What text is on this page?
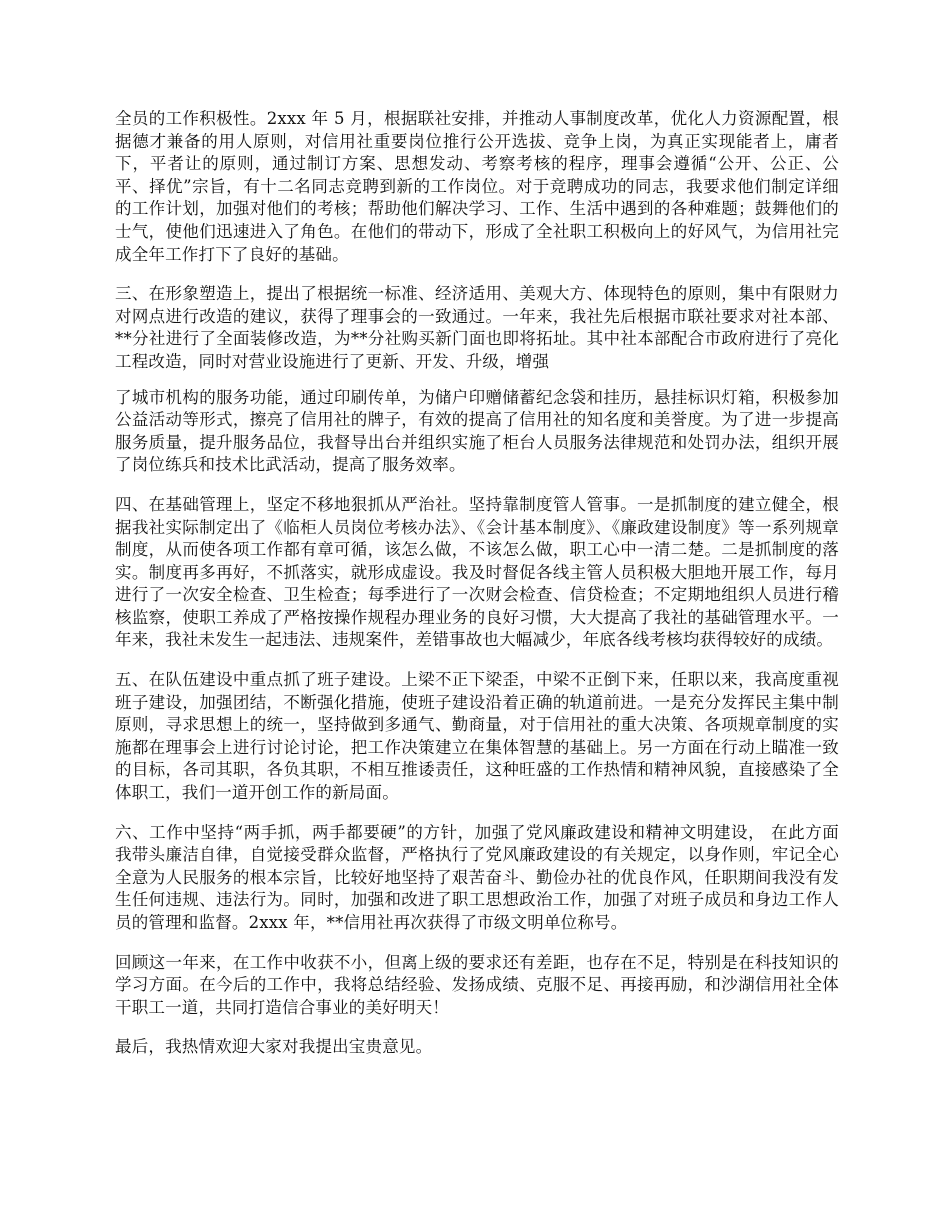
全员的工作积极性。2xxx 年 5 月，根据联社安排，并推动人事制度改革，优化人力资源配置，根据德才兼备的用人原则，对信用社重要岗位推行公开选拔、竞争上岗，为真正实现能者上，庸者下，平者让的原则，通过制订方案、思想发动、考察考核的程序，理事会遵循“公开、公正、公平、择优”宗旨，有十二名同志竞聘到新的工作岗位。对于竞聘成功的同志，我要求他们制定详细的工作计划，加强对他们的考核；帮助他们解决学习、工作、生活中遇到的各种难题；鼓舞他们的士气，使他们迅速进入了角色。在他们的带动下，形成了全社职工积极向上的好风气，为信用社完成全年工作打下了良好的基础。

三、在形象塑造上，提出了根据统一标准、经济适用、美观大方、体现特色的原则，集中有限财力对网点进行改造的建议，获得了理事会的一致通过。一年来，我社先后根据市联社要求对社本部、**分社进行了全面装修改造，为**分社购买新门面也即将拓址。其中社本部配合市政府进行了亮化工程改造，同时对营业设施进行了更新、开发、升级，增强

了城市机构的服务功能，通过印刷传单，为储户印赠储蓄纪念袋和挂历，悬挂标识灯箱，积极参加公益活动等形式，擦亮了信用社的牌子，有效的提高了信用社的知名度和美誉度。为了进一步提高服务质量，提升服务品位，我督导出台并组织实施了柜台人员服务法律规范和处罚办法，组织开展了岗位练兵和技术比武活动，提高了服务效率。

四、在基础管理上，坚定不移地狠抓从严治社。坚持靠制度管人管事。一是抓制度的建立健全，根据我社实际制定出了《临柜人员岗位考核办法》、《会计基本制度》、《廉政建设制度》等一系列规章制度，从而使各项工作都有章可循，该怎么做，不该怎么做，职工心中一清二楚。二是抓制度的落实。制度再多再好，不抓落实，就形成虚设。我及时督促各线主管人员积极大胆地开展工作，每月进行了一次安全检查、卫生检查；每季进行了一次财会检查、信贷检查；不定期地组织人员进行稽核监察，使职工养成了严格按操作规程办理业务的良好习惯，大大提高了我社的基础管理水平。一年来，我社未发生一起违法、违规案件，差错事故也大幅减少，年底各线考核均获得较好的成绩。

五、在队伍建设中重点抓了班子建设。上梁不正下梁歪，中梁不正倒下来，任职以来，我高度重视班子建设，加强团结，不断强化措施，使班子建设沿着正确的轨道前进。一是充分发挥民主集中制原则，寻求思想上的统一，坚持做到多通气、勤商量，对于信用社的重大决策、各项规章制度的实施都在理事会上进行讨论讨论，把工作决策建立在集体智慧的基础上。另一方面在行动上瞄准一致的目标，各司其职，各负其职，不相互推诿责任，这种旺盛的工作热情和精神风貌，直接感染了全体职工，我们一道开创工作的新局面。

六、工作中坚持“两手抓，两手都要硬”的方针，加强了党风廉政建设和精神文明建设， 在此方面我带头廉洁自律，自觉接受群众监督，严格执行了党风廉政建设的有关规定，以身作则，牢记全心全意为人民服务的根本宗旨，比较好地坚持了艰苦奋斗、勤俭办社的优良作风，任职期间我没有发生任何违规、违法行为。同时，加强和改进了职工思想政治工作，加强了对班子成员和身边工作人员的管理和监督。2xxx 年，**信用社再次获得了市级文明单位称号。

回顾这一年来，在工作中收获不小，但离上级的要求还有差距，也存在不足，特别是在科技知识的学习方面。在今后的工作中，我将总结经验、发扬成绩、克服不足、再接再励，和沙湖信用社全体干职工一道，共同打造信合事业的美好明天！

最后，我热情欢迎大家对我提出宝贵意见。
